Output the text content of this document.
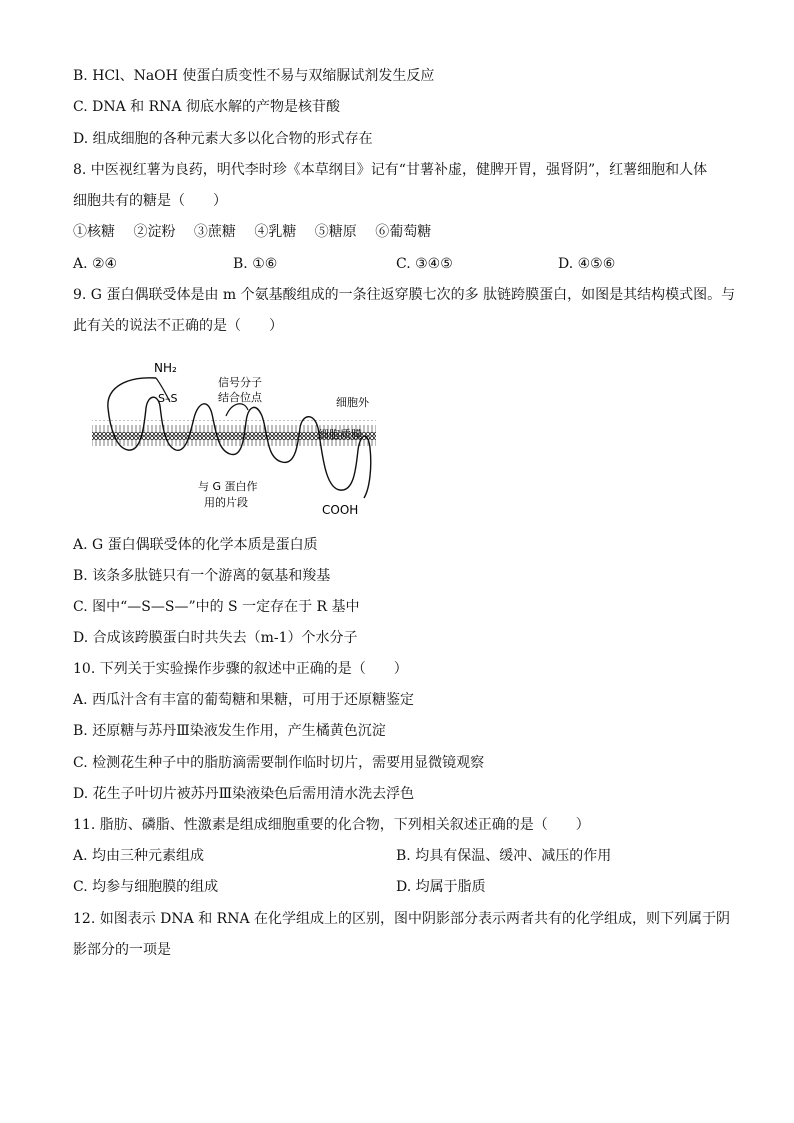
B. HCl、NaOH 使蛋白质变性不易与双缩脲试剂发生反应
C. DNA 和 RNA 彻底水解的产物是核苷酸
D. 组成细胞的各种元素大多以化合物的形式存在
8. 中医视红薯为良药，明代李时珍《本草纲目》记有“甘薯补虚，健脾开胃，强肾阴”，红薯细胞和人体
细胞共有的糖是（　　）
①核糖　 ②淀粉　 ③蔗糖　 ④乳糖　 ⑤糖原　 ⑥葡萄糖
A. ②④	B. ①⑥	C. ③④⑤	D. ④⑤⑥
9. G 蛋白偶联受体是由 m 个氨基酸组成的一条往返穿膜七次的多 肽链跨膜蛋白，如图是其结构模式图。与
此有关的说法不正确的是（　　）
NH₂
S–S
信号分子
结合位点	细胞外
细胞质膜
与 G 蛋白作
用的片段
COOH
A. G 蛋白偶联受体的化学本质是蛋白质
B. 该条多肽链只有一个游离的氨基和羧基
C. 图中“—S—S—”中的 S 一定存在于 R 基中
D. 合成该跨膜蛋白时共失去（m-1）个水分子
10. 下列关于实验操作步骤的叙述中正确的是（　　）
A. 西瓜汁含有丰富的葡萄糖和果糖，可用于还原糖鉴定
B. 还原糖与苏丹Ⅲ染液发生作用，产生橘黄色沉淀
C. 检测花生种子中的脂肪滴需要制作临时切片，需要用显微镜观察
D. 花生子叶切片被苏丹Ⅲ染液染色后需用清水洗去浮色
11. 脂肪、磷脂、性激素是组成细胞重要的化合物，下列相关叙述正确的是（　　）
A. 均由三种元素组成	B. 均具有保温、缓冲、减压的作用
C. 均参与细胞膜的组成	D. 均属于脂质
12. 如图表示 DNA 和 RNA 在化学组成上的区别，图中阴影部分表示两者共有的化学组成，则下列属于阴
影部分的一项是
